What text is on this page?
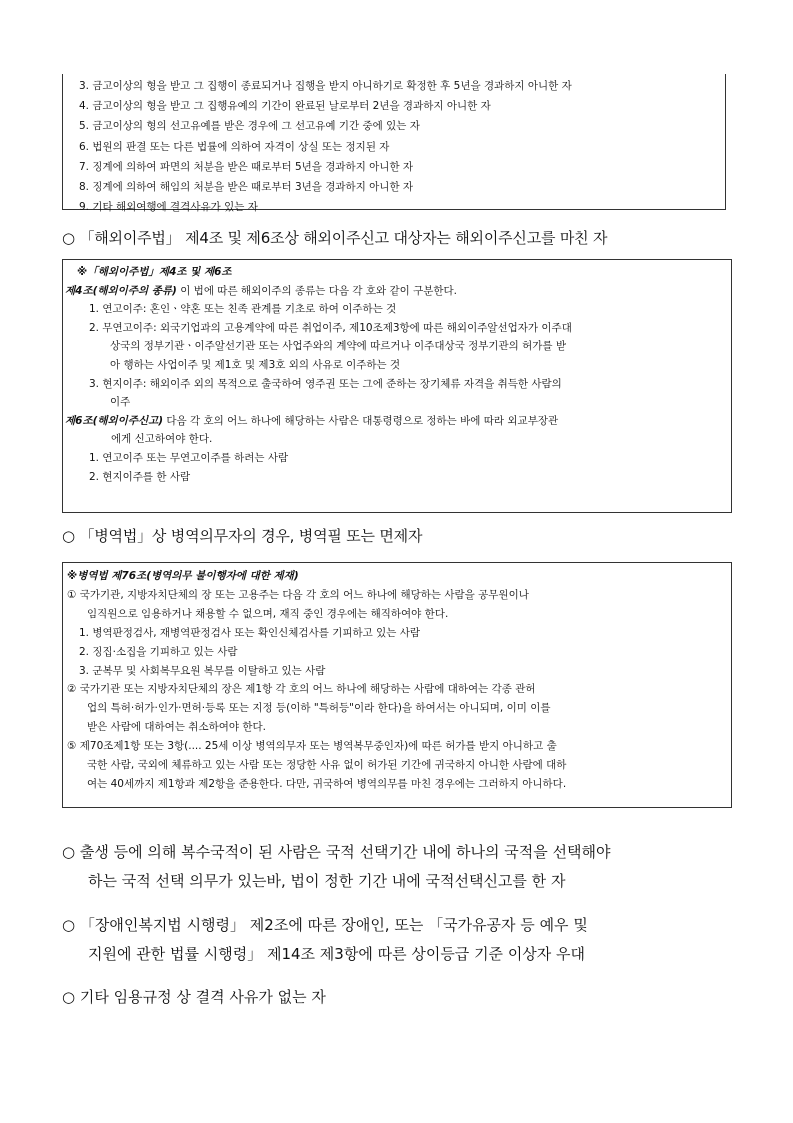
3. 금고이상의 형을 받고 그 집행이 종료되거나 집행을 받지 아니하기로 확정한 후 5년을 경과하지 아니한 자
4. 금고이상의 형을 받고 그 집행유예의 기간이 완료된 날로부터 2년을 경과하지 아니한 자
5. 금고이상의 형의 선고유예를 받은 경우에 그 선고유예 기간 중에 있는 자
6. 법원의 판결 또는 다른 법률에 의하여 자격이 상실 또는 정지된 자
7. 징계에 의하여 파면의 처분을 받은 때로부터 5년을 경과하지 아니한 자
8. 징계에 의하여 해임의 처분을 받은 때로부터 3년을 경과하지 아니한 자
9. 기타 해외여행에 결격사유가 있는 자
○ 「해외이주법」 제4조 및 제6조상 해외이주신고 대상자는 해외이주신고를 마친 자
※「해외이주법」제4조 및 제6조
제4조(해외이주의 종류) 이 법에 따른 해외이주의 종류는 다음 각 호와 같이 구분한다.
1. 연고이주: 혼인ㆍ약혼 또는 친족 관계를 기초로 하여 이주하는 것
2. 무연고이주: 외국기업과의 고용계약에 따른 취업이주, 제10조제3항에 따른 해외이주알선업자가 이주대
상국의 정부기관ㆍ이주알선기관 또는 사업주와의 계약에 따르거나 이주대상국 정부기관의 허가를 받
아 행하는 사업이주 및 제1호 및 제3호 외의 사유로 이주하는 것
3. 현지이주: 해외이주 외의 목적으로 출국하여 영주권 또는 그에 준하는 장기체류 자격을 취득한 사람의
이주
제6조(해외이주신고) 다음 각 호의 어느 하나에 해당하는 사람은 대통령령으로 정하는 바에 따라 외교부장관
에게 신고하여야 한다.
1. 연고이주 또는 무연고이주를 하려는 사람
2. 현지이주를 한 사람
○ 「병역법」상 병역의무자의 경우, 병역필 또는 면제자
※병역법 제76조(병역의무 불이행자에 대한 제재)
① 국가기관, 지방자치단체의 장 또는 고용주는 다음 각 호의 어느 하나에 해당하는 사람을 공무원이나
임직원으로 임용하거나 채용할 수 없으며, 재직 중인 경우에는 해직하여야 한다.
1. 병역판정검사, 재병역판정검사 또는 확인신체검사를 기피하고 있는 사람
2. 징집·소집을 기피하고 있는 사람
3. 군복무 및 사회복무요원 복무를 이탈하고 있는 사람
② 국가기관 또는 지방자치단체의 장은 제1항 각 호의 어느 하나에 해당하는 사람에 대하여는 각종 관허
업의 특허·허가·인가·면허·등록 또는 지정 등(이하 "특허등"이라 한다)을 하여서는 아니되며, 이미 이를
받은 사람에 대하여는 취소하여야 한다.
⑤ 제70조제1항 또는 3항(.... 25세 이상 병역의무자 또는 병역복무중인자)에 따른 허가를 받지 아니하고 출
국한 사람, 국외에 체류하고 있는 사람 또는 정당한 사유 없이 허가된 기간에 귀국하지 아니한 사람에 대하
여는 40세까지 제1항과 제2항을 준용한다. 다만, 귀국하여 병역의무를 마친 경우에는 그러하지 아니하다.
○ 출생 등에 의해 복수국적이 된 사람은 국적 선택기간 내에 하나의 국적을 선택해야
하는 국적 선택 의무가 있는바, 법이 정한 기간 내에 국적선택신고를 한 자
○ 「장애인복지법 시행령」 제2조에 따른 장애인, 또는 「국가유공자 등 예우 및
지원에 관한 법률 시행령」 제14조 제3항에 따른 상이등급 기준 이상자 우대
○ 기타 임용규정 상 결격 사유가 없는 자
